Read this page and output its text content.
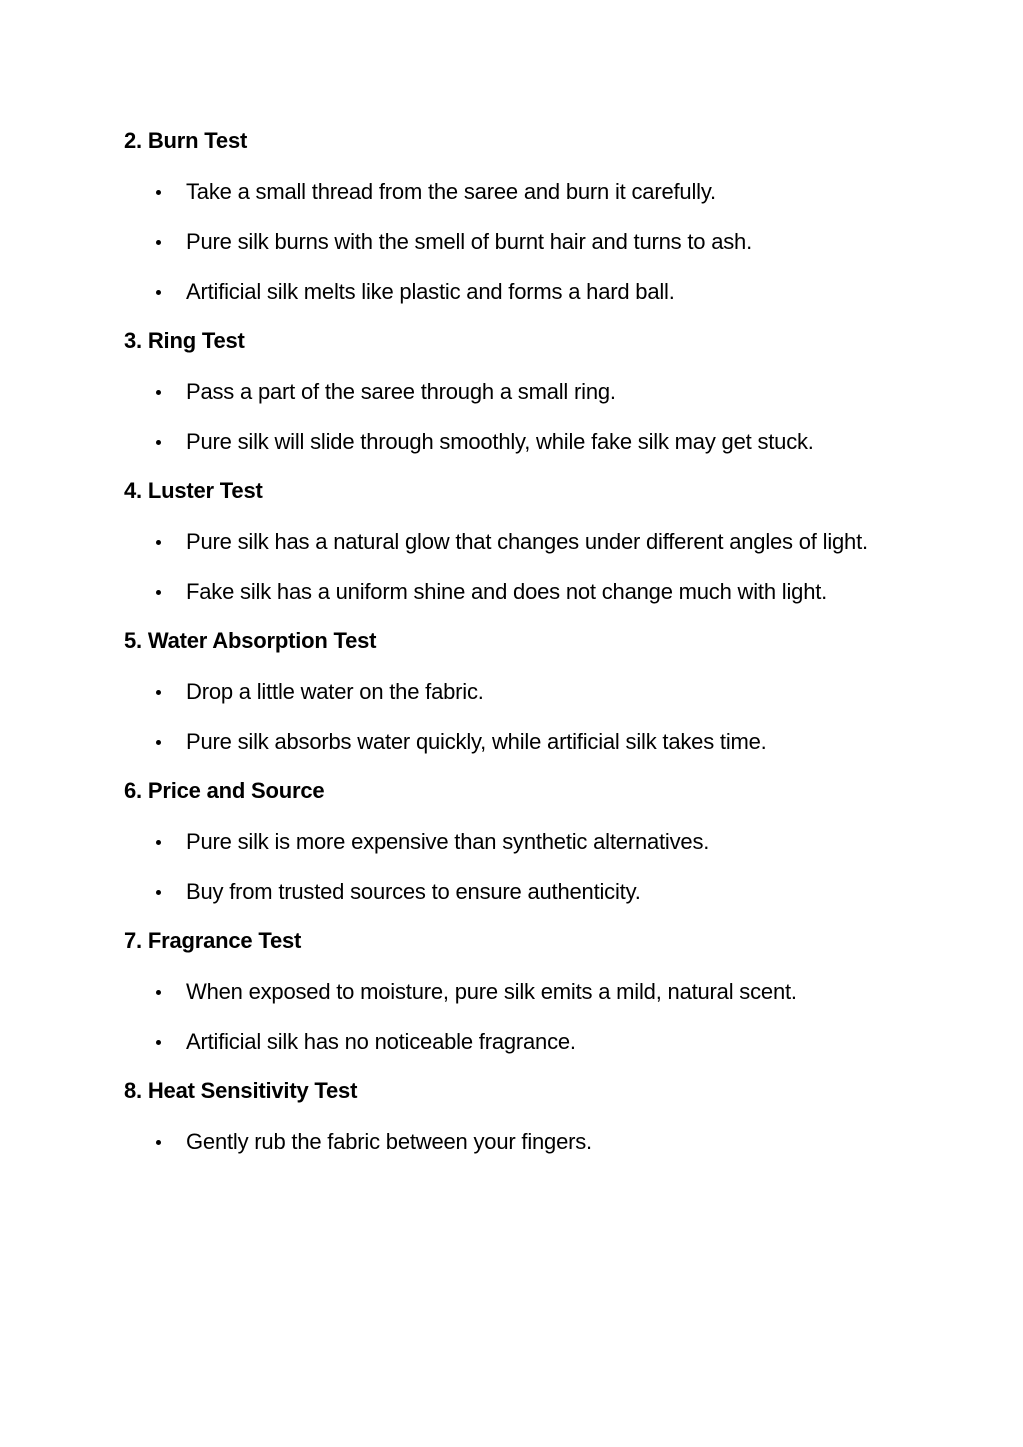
2. Burn Test
Take a small thread from the saree and burn it carefully.
Pure silk burns with the smell of burnt hair and turns to ash.
Artificial silk melts like plastic and forms a hard ball.
3. Ring Test
Pass a part of the saree through a small ring.
Pure silk will slide through smoothly, while fake silk may get stuck.
4. Luster Test
Pure silk has a natural glow that changes under different angles of light.
Fake silk has a uniform shine and does not change much with light.
5. Water Absorption Test
Drop a little water on the fabric.
Pure silk absorbs water quickly, while artificial silk takes time.
6. Price and Source
Pure silk is more expensive than synthetic alternatives.
Buy from trusted sources to ensure authenticity.
7. Fragrance Test
When exposed to moisture, pure silk emits a mild, natural scent.
Artificial silk has no noticeable fragrance.
8. Heat Sensitivity Test
Gently rub the fabric between your fingers.
